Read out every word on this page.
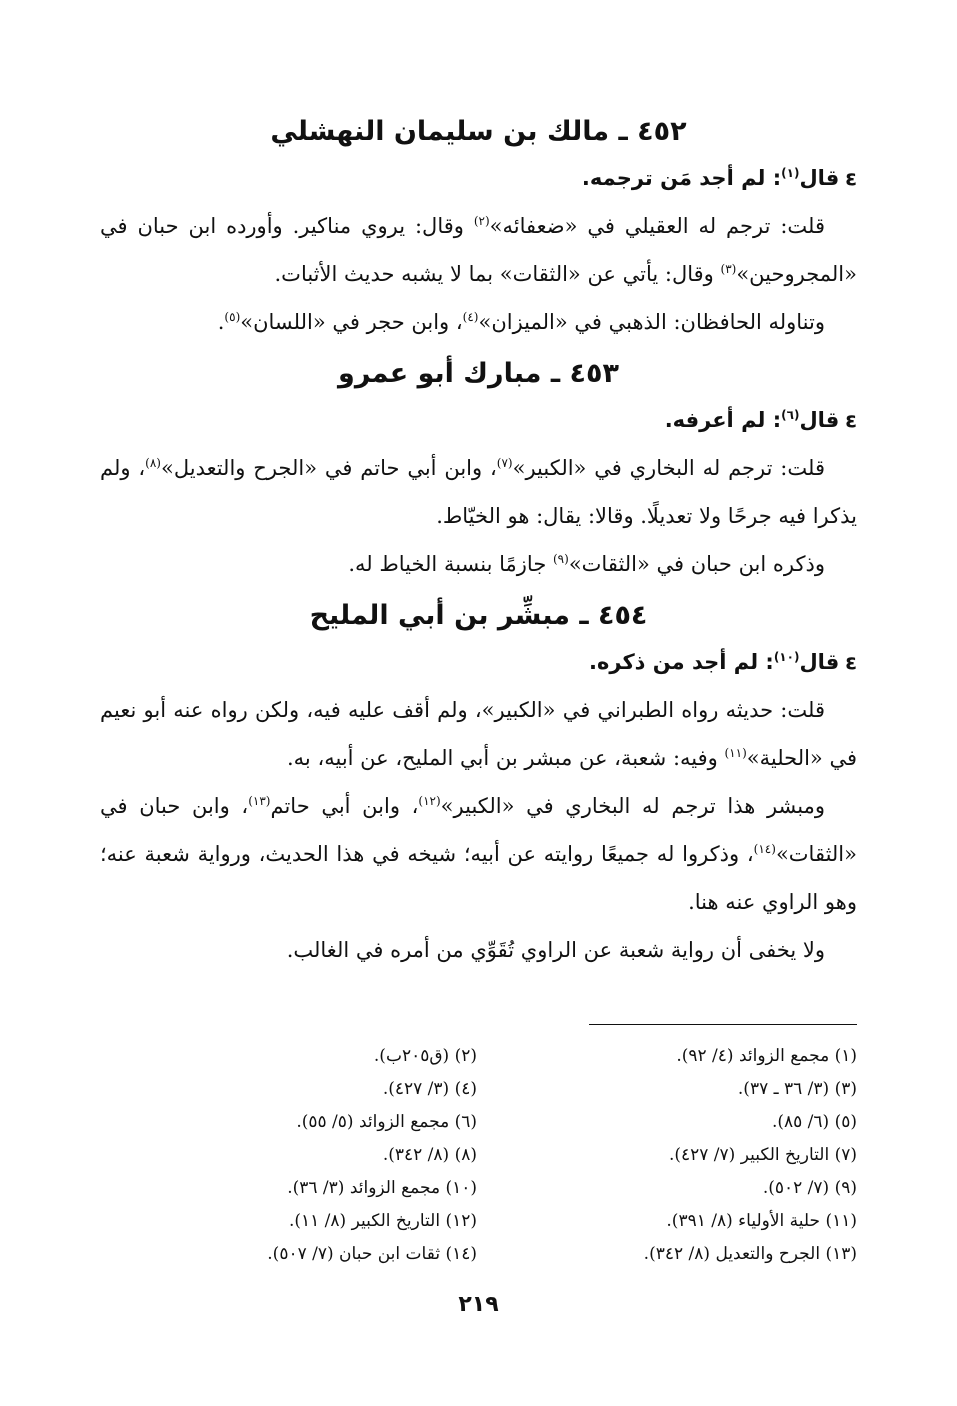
٤٥٢ ـ مالك بن سليمان النهشلي
εقال$^{(١)}$: لم أجد مَن ترجمه.

قلت: ترجم له العقيلي في «ضعفائه»$^{(٢)}$ وقال: يروي مناكير. وأورده ابن حبان في «المجروحين»$^{(٣)}$ وقال: يأتي عن «الثقات» بما لا يشبه حديث الأثبات.

وتناوله الحافظان: الذهبي في «الميزان»$^{(٤)}$، وابن حجر في «اللسان»$^{(٥)}$.

٤٥٣ ـ مبارك أبو عمرو
εقال$^{(٦)}$: لم أعرفه.

قلت: ترجم له البخاري في «الكبير»$^{(٧)}$، وابن أبي حاتم في «الجرح والتعديل»$^{(٨)}$، ولم يذكرا فيه جرحًا ولا تعديلًا. وقالا: يقال: هو الخيّاط.

وذكره ابن حبان في «الثقات»$^{(٩)}$ جازمًا بنسبة الخياط له.

٤٥٤ ـ مبشِّر بن أبي المليح
εقال$^{(١٠)}$: لم أجد من ذكره.

قلت: حديثه رواه الطبراني في «الكبير»، ولم أقف عليه فيه، ولكن رواه عنه أبو نعيم في «الحلية»$^{(١١)}$ وفيه: شعبة، عن مبشر بن أبي المليح، عن أبيه، به.

ومبشر هذا ترجم له البخاري في «الكبير»$^{(١٢)}$، وابن أبي حاتم$^{(١٣)}$، وابن حبان في «الثقات»$^{(١٤)}$، وذكروا له جميعًا روايته عن أبيه؛ شيخه في هذا الحديث، ورواية شعبة عنه؛ وهو الراوي عنه هنا.

ولا يخفى أن رواية شعبة عن الراوي تُقَوِّي من أمره في الغالب.

(١) مجمع الزوائد (٤/ ٩٢).
(٢) (ق٢٠٥ب).
(٣) (٣/ ٣٦ ـ ٣٧).
(٤) (٣/ ٤٢٧).
(٥) (٦/ ٨٥).
(٦) مجمع الزوائد (٥/ ٥٥).
(٧) التاريخ الكبير (٧/ ٤٢٧).
(٨) (٨/ ٣٤٢).
(٩) (٧/ ٥٠٢).
(١٠) مجمع الزوائد (٣/ ٣٦).
(١١) حلية الأولياء (٨/ ٣٩١).
(١٢) التاريخ الكبير (٨/ ١١).
(١٣) الجرح والتعديل (٨/ ٣٤٢).
(١٤) ثقات ابن حبان (٧/ ٥٠٧).
٢١٩
